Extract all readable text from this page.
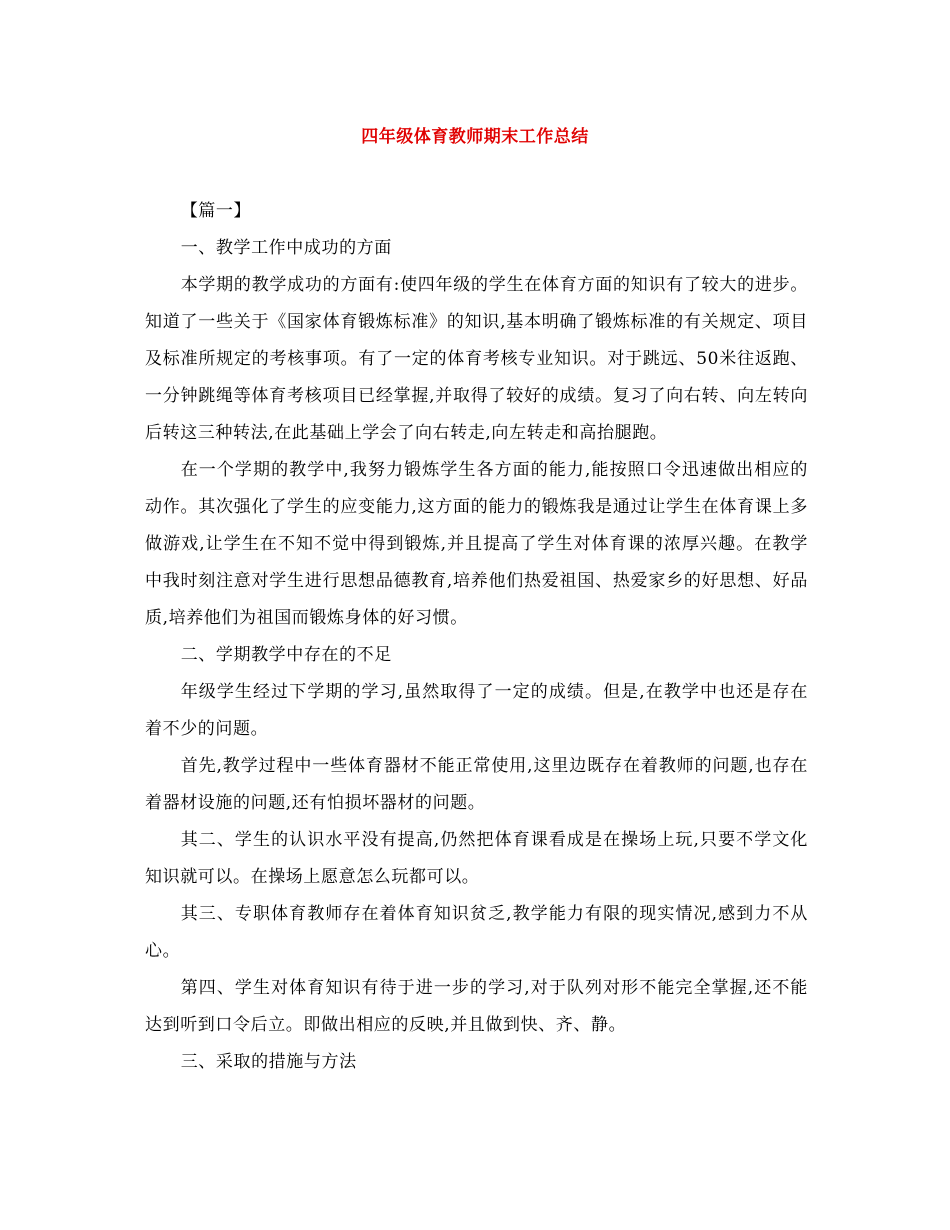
四年级体育教师期末工作总结

【篇一】

一、教学工作中成功的方面

本学期的教学成功的方面有:使四年级的学生在体育方面的知识有了较大的进步。知道了一些关于《国家体育锻炼标准》的知识,基本明确了锻炼标准的有关规定、项目及标准所规定的考核事项。有了一定的体育考核专业知识。对于跳远、50米往返跑、一分钟跳绳等体育考核项目已经掌握,并取得了较好的成绩。复习了向右转、向左转向后转这三种转法,在此基础上学会了向右转走,向左转走和高抬腿跑。

在一个学期的教学中,我努力锻炼学生各方面的能力,能按照口令迅速做出相应的动作。其次强化了学生的应变能力,这方面的能力的锻炼我是通过让学生在体育课上多做游戏,让学生在不知不觉中得到锻炼,并且提高了学生对体育课的浓厚兴趣。在教学中我时刻注意对学生进行思想品德教育,培养他们热爱祖国、热爱家乡的好思想、好品质,培养他们为祖国而锻炼身体的好习惯。

二、学期教学中存在的不足

年级学生经过下学期的学习,虽然取得了一定的成绩。但是,在教学中也还是存在着不少的问题。

首先,教学过程中一些体育器材不能正常使用,这里边既存在着教师的问题,也存在着器材设施的问题,还有怕损坏器材的问题。

其二、学生的认识水平没有提高,仍然把体育课看成是在操场上玩,只要不学文化知识就可以。在操场上愿意怎么玩都可以。

其三、专职体育教师存在着体育知识贫乏,教学能力有限的现实情况,感到力不从心。

第四、学生对体育知识有待于进一步的学习,对于队列对形不能完全掌握,还不能达到听到口令后立。即做出相应的反映,并且做到快、齐、静。

三、采取的措施与方法
